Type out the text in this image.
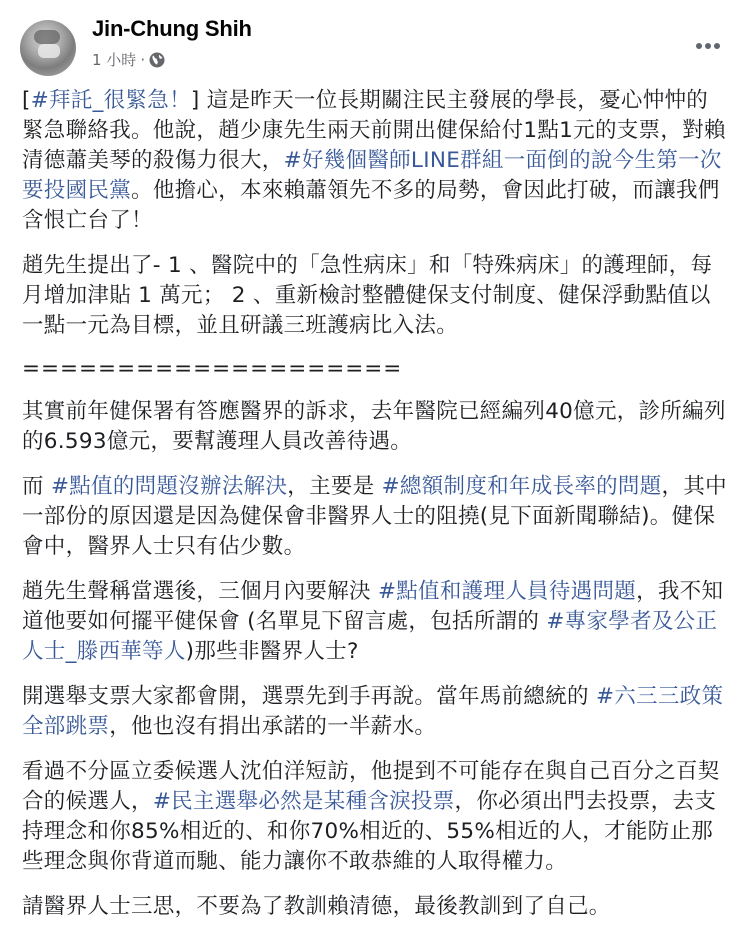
Jin-Chung Shih
1 小時 ·

[#拜託_很緊急！] 這是昨天一位長期關注民主發展的學長，憂心忡忡的緊急聯絡我。他說，趙少康先生兩天前開出健保給付1點1元的支票，對賴清德蕭美琴的殺傷力很大，#好幾個醫師LINE群組一面倒的說今生第一次要投國民黨。他擔心，本來賴蕭領先不多的局勢，會因此打破，而讓我們含恨亡台了！

趙先生提出了- 1 、醫院中的「急性病床」和「特殊病床」的護理師，每月增加津貼 1 萬元； 2 、重新檢討整體健保支付制度、健保浮動點值以一點一元為目標，並且研議三班護病比入法。

====================

其實前年健保署有答應醫界的訴求，去年醫院已經編列40億元，診所編列的6.593億元，要幫護理人員改善待遇。

而 #點值的問題沒辦法解決，主要是 #總額制度和年成長率的問題，其中一部份的原因還是因為健保會非醫界人士的阻撓(見下面新聞聯結)。健保會中，醫界人士只有佔少數。

趙先生聲稱當選後，三個月內要解決 #點值和護理人員待遇問題，我不知道他要如何擺平健保會 (名單見下留言處，包括所謂的 #專家學者及公正人士_滕西華等人)那些非醫界人士?

開選舉支票大家都會開，選票先到手再說。當年馬前總統的 #六三三政策全部跳票，他也沒有捐出承諾的一半薪水。

看過不分區立委候選人沈伯洋短訪，他提到不可能存在與自己百分之百契合的候選人，#民主選舉必然是某種含淚投票，你必須出門去投票，去支持理念和你85%相近的、和你70%相近的、55%相近的人，才能防止那些理念與你背道而馳、能力讓你不敢恭維的人取得權力。

請醫界人士三思，不要為了教訓賴清德，最後教訓到了自己。
